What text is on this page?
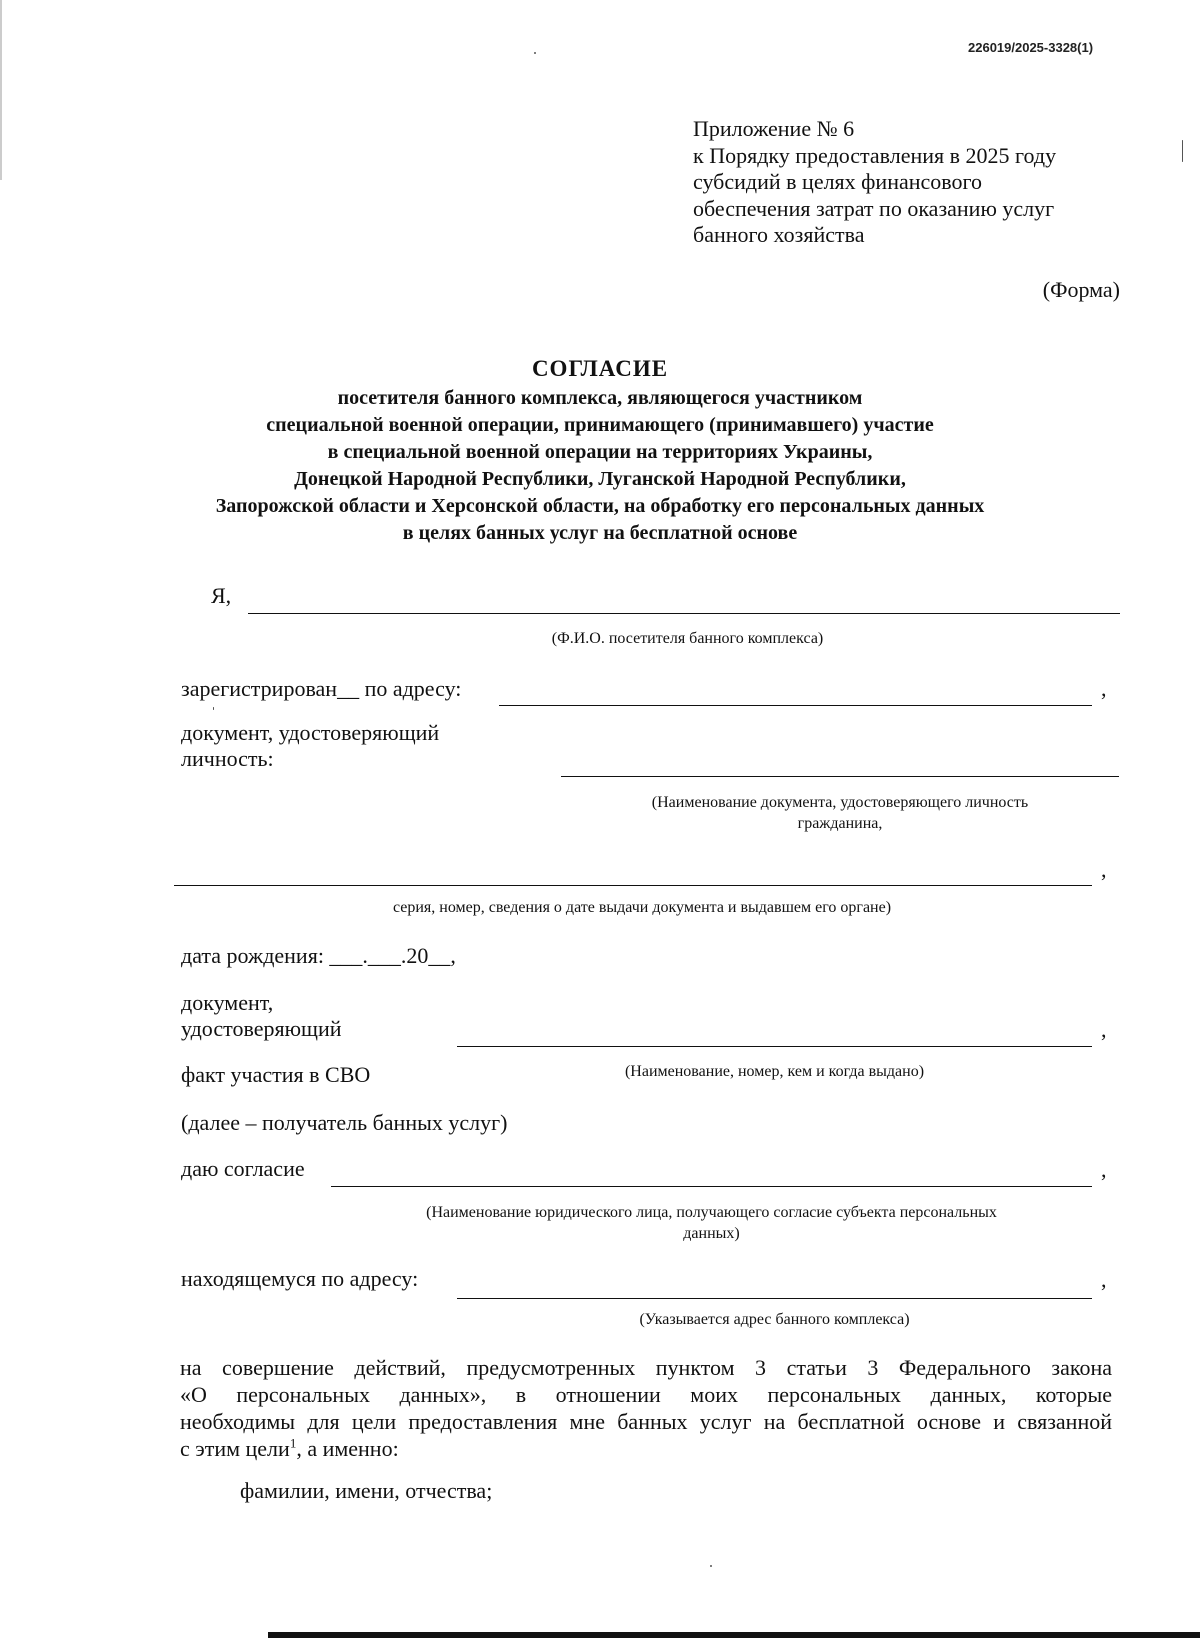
226019/2025-3328(1)
Приложение № 6
к Порядку предоставления в 2025 году
субсидий в целях финансового
обеспечения затрат по оказанию услуг
банного хозяйства
(Форма)
СОГЛАСИЕ
посетителя банного комплекса, являющегося участником
специальной военной операции, принимающего (принимавшего) участие
в специальной военной операции на территориях Украины,
Донецкой Народной Республики, Луганской Народной Республики,
Запорожской области и Херсонской области, на обработку его персональных данных
в целях банных услуг на бесплатной основе
Я,
(Ф.И.О. посетителя банного комплекса)
зарегистрирован__ по адресу:	,
документ, удостоверяющий
личность:
(Наименование документа, удостоверяющего личность
гражданина,
,
серия, номер, сведения о дате выдачи документа и выдавшем его органе)
дата рождения: ___.___.20__,
документ,
удостоверяющий	,
факт участия в СВО	(Наименование, номер, кем и когда выдано)
(далее – получатель банных услуг)
даю согласие	,
(Наименование юридического лица, получающего согласие субъекта персональных
данных)
находящемуся по адресу:	,
(Указывается адрес банного комплекса)
на совершение действий, предусмотренных пунктом 3 статьи 3 Федерального закона
«О персональных данных», в отношении моих персональных данных, которые
необходимы для цели предоставления мне банных услуг на бесплатной основе и связанной
с этим цели$^1$, а именно:
фамилии, имени, отчества;
